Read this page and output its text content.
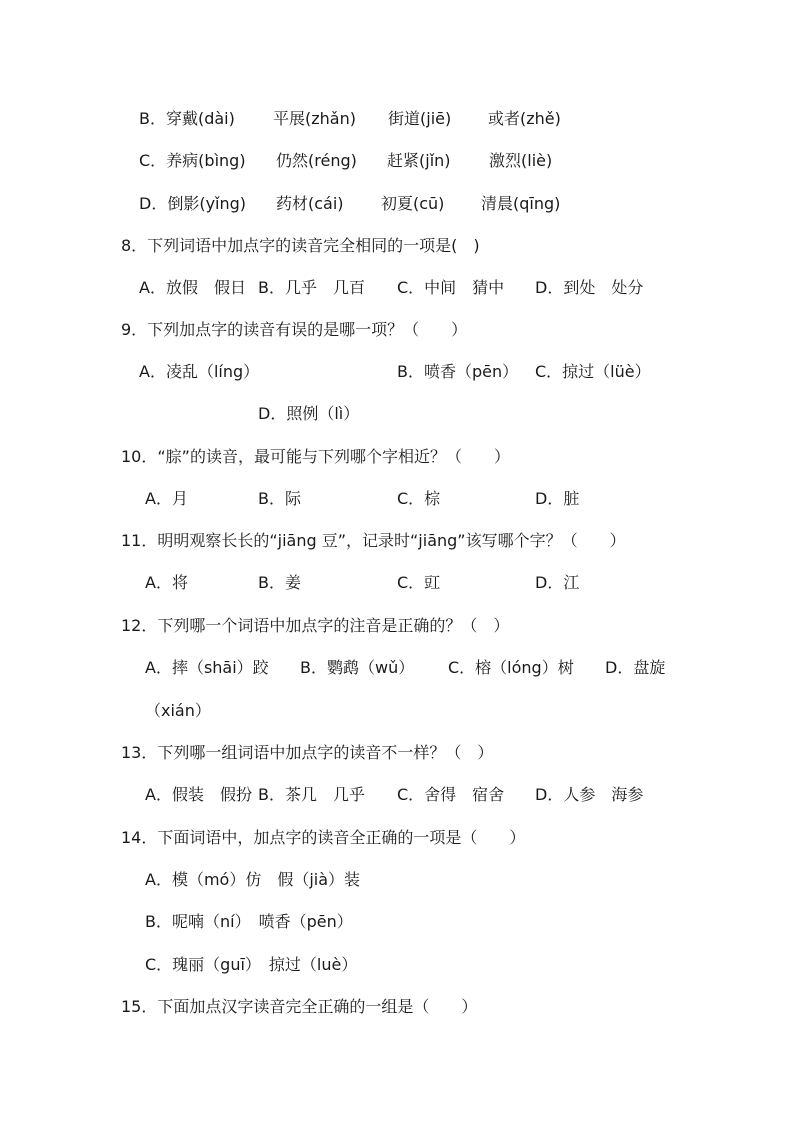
B．穿戴(dài) 平展(zhǎn) 街道(jiē) 或者(zhě)
C．养病(bìng) 仍然(réng) 赶紧(jǐn) 激烈(liè)
D．倒影(yǐng) 药材(cái) 初夏(cū) 清晨(qīng)
8．下列词语中加点字的读音完全相同的一项是(　)
A．放假　假日 B．几乎　几百 C．中间　猜中 D．到处　处分
9．下列加点字的读音有误的是哪一项？（　　）
A．凌乱（líng）	B．喷香（pēn） C．掠过（lüè）
D．照例（lì）
10．“腙”的读音，最可能与下列哪个字相近？（　　）
A．月	B．际	C．棕	D．脏
11．明明观察长长的“jiāng 豆”，记录时“jiāng”该写哪个字？（　　）
A．将	B．姜	C．豇	D．江
12．下列哪一个词语中加点字的注音是正确的？（　）
A．摔（shāi）跤 B．鹦鹉（wǔ） C．榕（lóng）树 D．盘旋
（xián）
13．下列哪一组词语中加点字的读音不一样？（　）
A．假装　假扮 B．茶几　几乎 C．舍得　宿舍 D．人参　海参
14．下面词语中，加点字的读音全正确的一项是（　　）
A．模（mó）仿　假（jià）装
B．呢喃（ní）　喷香（pēn）
C．瑰丽（guī）　掠过（luè）
15．下面加点汉字读音完全正确的一组是（　　）
